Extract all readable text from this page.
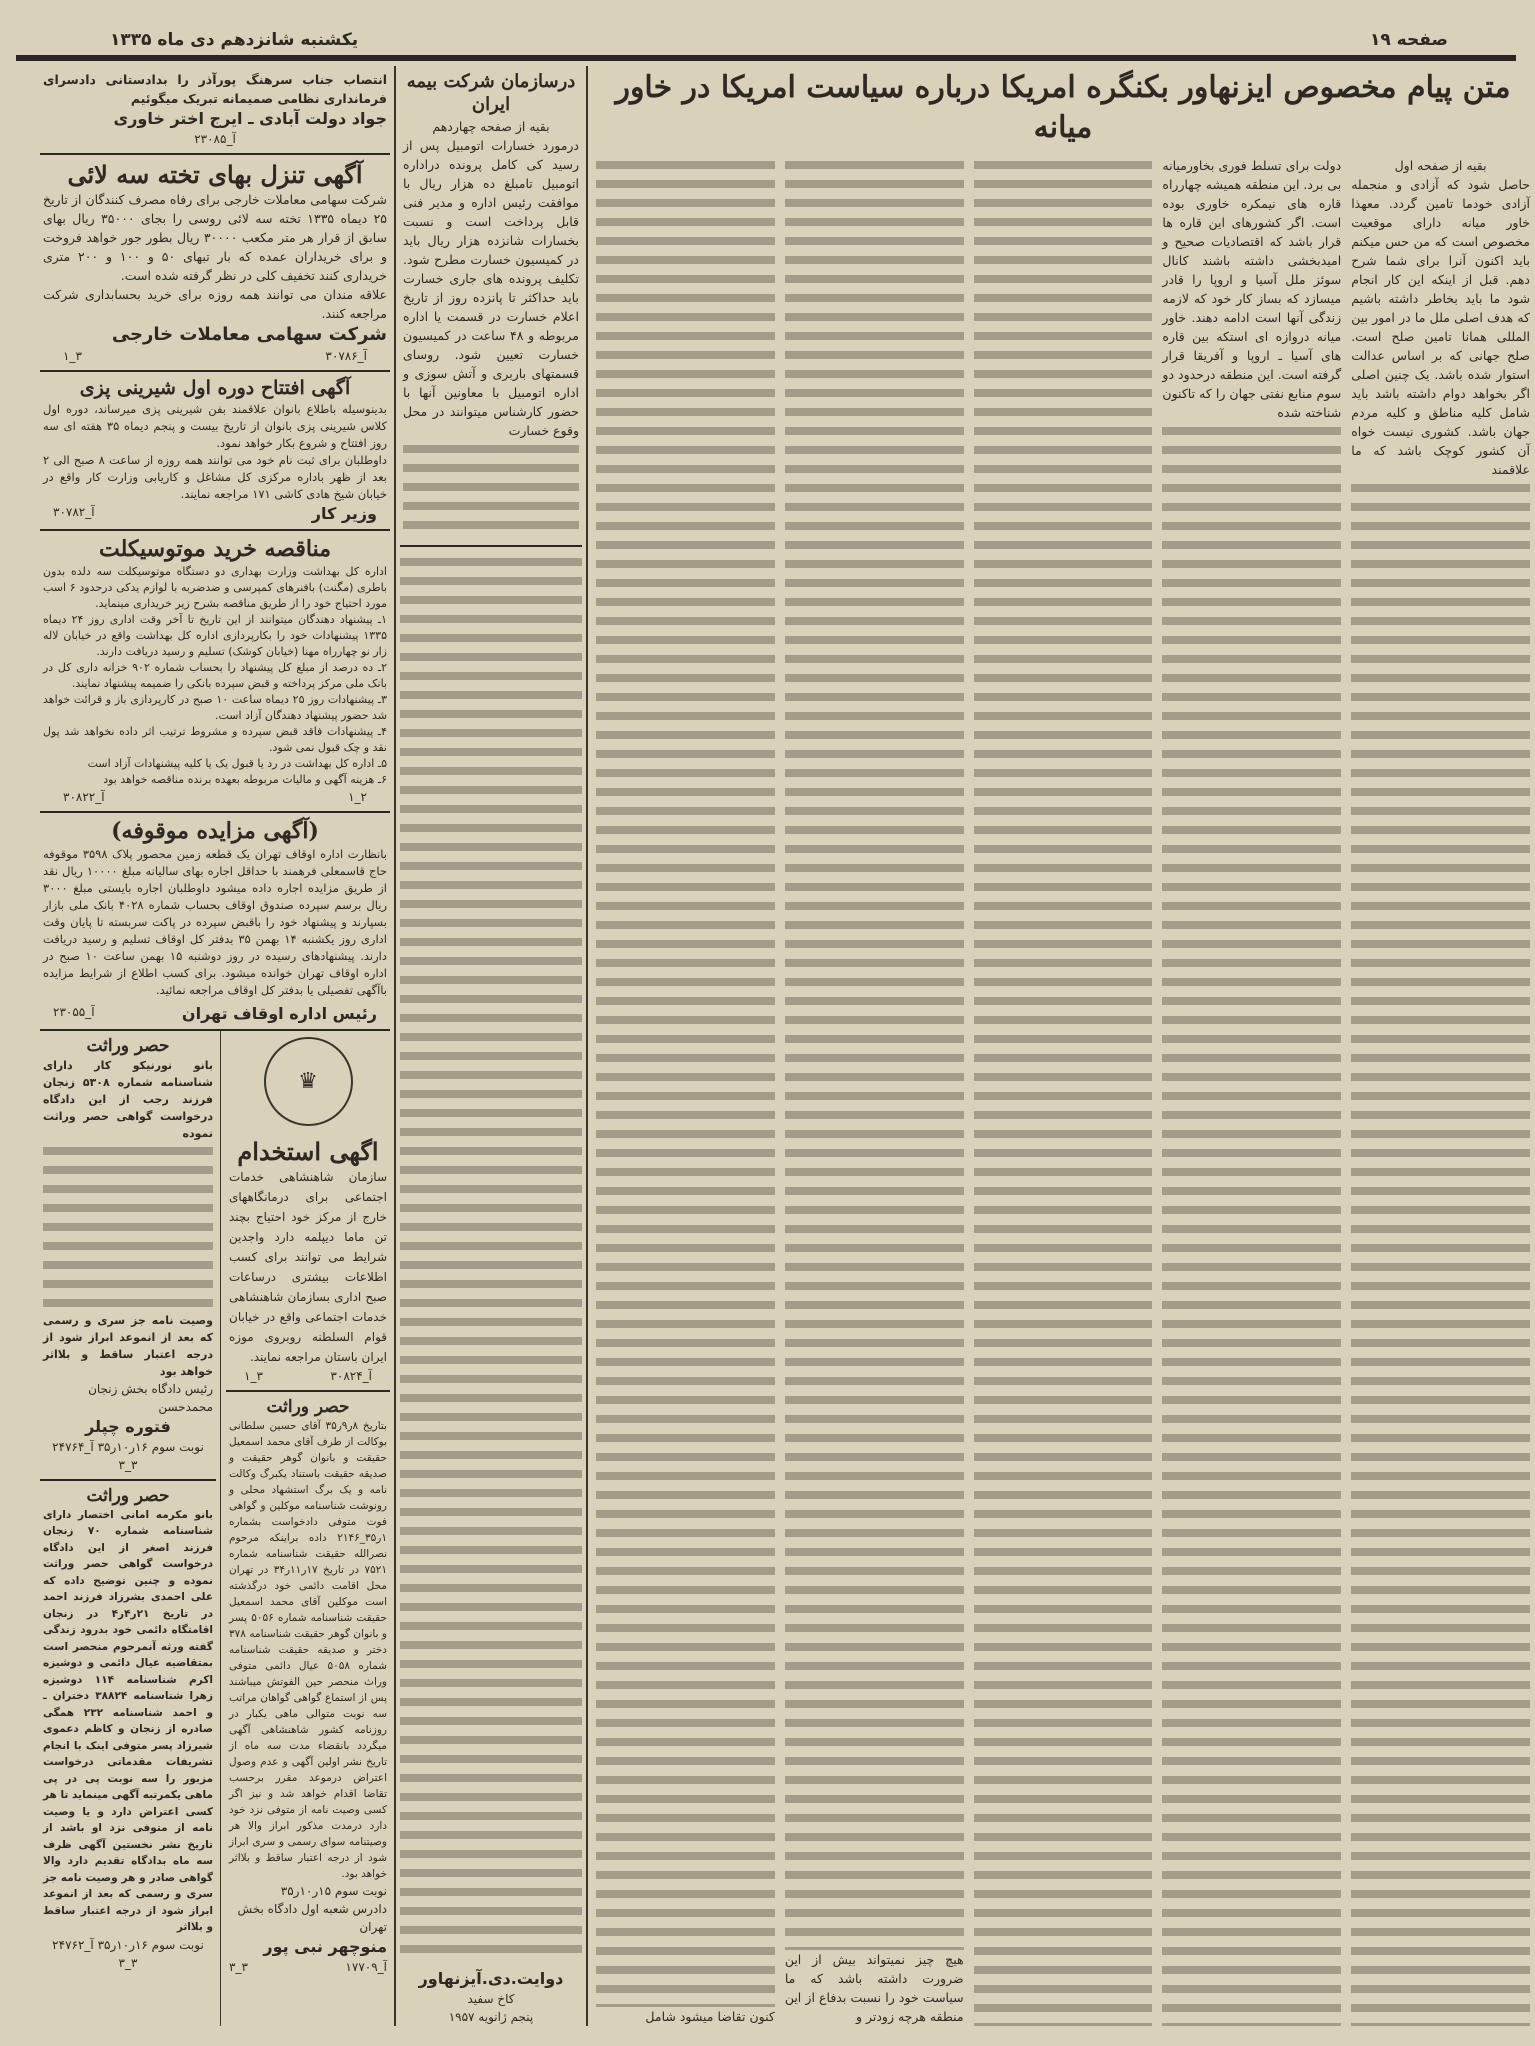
یکشنبه شانزدهم دی ماه ۱۳۳۵	صفحه ۱۹
انتصاب جناب سرهنگ پورآذر را بدادستانی دادسرای فرمانداری نظامی صمیمانه تبریک میگوئیم
جواد دولت آبادی ـ ایرج اختر خاوری
آ_۲۳۰۸۵
آگهی تنزل بهای تخته سه لائی
شرکت سهامی معاملات خارجی برای رفاه مصرف کنندگان از تاریخ ۲۵ دیماه ۱۳۳۵ تخته سه لائی روسی را بجای ۳۵۰۰۰ ریال بهای سابق از قرار هر متر مکعب ۳۰۰۰۰ ریال بطور جور خواهد فروخت و برای خریداران عمده که بار تبهای ۵۰ و ۱۰۰ و ۲۰۰ متری خریداری کنند تخفیف کلی در نظر گرفته شده است.
علاقه مندان می توانند همه روزه برای خرید بحسابداری شرکت مراجعه کنند.
شرکت سهامی معاملات خارجی
۳_۱	آ_۳۰۷۸۶
آگهی افتتاح دوره اول شیرینی پزی
بدینوسیله باطلاع بانوان علاقمند بفن شیرینی پزی میرساند، دوره اول کلاس شیرینی پزی بانوان از تاریخ بیست و پنجم دیماه ۳۵ هفته ای سه روز افتتاح و شروع بکار خواهد نمود.
داوطلبان برای ثبت نام خود می توانند همه روزه از ساعت ۸ صبح الی ۲ بعد از ظهر باداره مرکزی کل مشاغل و کاریابی وزارت کار واقع در خیابان شیخ هادی کاشی ۱۷۱ مراجعه نمایند.
آ_۳۰۷۸۲	وزیر کار
مناقصه خرید موتوسیکلت
اداره کل بهداشت وزارت بهداری دو دستگاه موتوسیکلت سه دلده بدون باطری (مگنت) بافنرهای کمپرسی و ضدضربه با لوازم یدکی درحدود ۶ اسب مورد احتیاج خود را از طریق مناقصه بشرح زیر خریداری مینماید.
۱ـ پیشنهاد دهندگان میتوانند از این تاریخ تا آخر وقت اداری روز ۲۴ دیماه ۱۳۳۵ پیشنهادات خود را بکارپردازی اداره کل بهداشت واقع در خیابان لاله زار نو چهارراه مهنا (خیابان کوشک) تسلیم و رسید دریافت دارند.
۲ـ ده درصد از مبلغ کل پیشنهاد را بحساب شماره ۹۰۲ خزانه داری کل در بانک ملی مرکز پرداخته و قبض سپرده بانکی را ضمیمه پیشنهاد نمایند.
۳ـ پیشنهادات روز ۲۵ دیماه ساعت ۱۰ صبح در کارپردازی باز و قرائت خواهد شد حضور پیشنهاد دهندگان آزاد است.
۴ـ پیشنهادات فاقد قبض سپرده و مشروط ترتیب اثر داده نخواهد شد پول نقد و چک قبول نمی شود.
۵ـ اداره کل بهداشت در رد یا قبول یک یا کلیه پیشنهادات آزاد است
۶ـ هزینه آگهی و مالیات مربوطه بعهده برنده مناقصه خواهد بود
آ_۳۰۸۲۲	۲_۱
(آگهی مزایده موقوفه)
بانظارت اداره اوقاف تهران یک قطعه زمین محصور پلاک ۳۵۹۸ موقوفه حاج قاسمعلی فرهمند با حداقل اجاره بهای سالیانه مبلغ ۱۰۰۰۰ ریال نقد از طریق مزایده اجاره داده میشود داوطلبان اجاره بایستی مبلغ ۳۰۰۰ ریال برسم سپرده صندوق اوقاف بحساب شماره ۴۰۲۸ بانک ملی بازار بسپارند و پیشنهاد خود را باقبض سپرده در پاکت سربسته تا پایان وقت اداری روز یکشنبه ۱۴ بهمن ۳۵ بدفتر کل اوقاف تسلیم و رسید دریافت دارند. پیشنهادهای رسیده در روز دوشنبه ۱۵ بهمن ساعت ۱۰ صبح در اداره اوقاف تهران خوانده میشود. برای کسب اطلاع از شرایط مزایده باآگهی تفصیلی یا بدفتر کل اوقاف مراجعه نمائید.
آ_۲۳۰۵۵	رئیس اداره اوقاف تهران
حصر وراثت
بانو نورنیکو کار دارای شناسنامه شماره ۵۳۰۸ زنجان فرزند رجب از این دادگاه درخواست گواهی حصر وراثت نموده
وصیت نامه جز سری و رسمی که بعد از انموعد ابراز شود از درجه اعتبار ساقط و بلااثر خواهد بود
رئیس دادگاه بخش زنجان محمدحسن
فتوره چپلر
نوبت سوم ۱۶ر۱۰ر۳۵ آ_۲۴۷۶۴
۳_۳
حصر وراثت
بانو مکرمه امانی اختصار دارای شناسنامه شماره ۷۰ زنجان فرزند اصغر از این دادگاه درخواست گواهی حصر وراثت نموده و چنین توضیح داده که علی احمدی بشرزاد فرزند احمد در تاریخ ۲۱ر۴ر۴ در زنجان اقامتگاه دائمی خود بدرود زندگی گفته ورثه آنمرحوم منحصر است بمتقاضیه عیال دائمی و دوشیزه اکرم شناسنامه ۱۱۴ دوشیزه زهرا شناسنامه ۳۸۸۲۴ دختران ـ و احمد شناسنامه ۲۳۲ همگی صادره از زنجان و کاظم دعموی شیرزاد پسر متوفی اینک با انجام تشریفات مقدماتی درخواست مزبور را سه نوبت پی در پی ماهی یکمرتبه آگهی مینماید تا هر کسی اعتراض دارد و یا وصیت نامه از متوفی نزد او باشد از تاریخ نشر نخستین آگهی ظرف سه ماه بدادگاه تقدیم دارد والا گواهی صادر و هر وصیت نامه جز سری و رسمی که بعد از انموعد ابراز شود از درجه اعتبار ساقط و بلااثر
نوبت سوم ۱۶ر۱۰ر۳۵ آ_۲۴۷۶۲
۳_۳
♛
اگهی استخدام
سازمان شاهنشاهی خدمات اجتماعی برای درمانگاههای خارج از مرکز خود احتیاج بچند تن ماما دیپلمه دارد واجدین شرایط می توانند برای کسب اطلاعات بیشتری درساعات صبح اداری بسازمان شاهنشاهی خدمات اجتماعی واقع در خیابان قوام السلطنه روبروی موزه ایران باستان مراجعه نمایند.
۳_۱	آ_۳۰۸۲۴
حصر وراثت
بتاریخ ۸ر۹ر۳۵ آقای حسین سلطانی بوکالت از طرف آقای محمد اسمعیل حقیقت و بانوان گوهر حقیقت و صدیقه حقیقت باستناد یکبرگ وکالت نامه و یک برگ استشهاد محلی و رونوشت شناسنامه موکلین و گواهی فوت متوفی دادخواست بشماره ۱ر۳۵_۲۱۴۶ داده براینکه مرحوم نصرالله حقیقت شناسنامه شماره ۷۵۲۱ در تاریخ ۱۷ر۱۱ر۳۴ در تهران محل اقامت دائمی خود درگذشته است موکلین آقای محمد اسمعیل حقیقت شناسنامه شماره ۵۰۵۶ پسر و بانوان گوهر حقیقت شناسنامه ۳۷۸ دختر و صدیقه حقیقت شناسنامه شماره ۵۰۵۸ عیال دائمی متوفی وراث منحصر حین الفوتش میباشند پس از استماع گواهی گواهان مراتب سه نوبت متوالی ماهی یکبار در روزنامه کشور شاهنشاهی آگهی میگردد بانقضاء مدت سه ماه از تاریخ نشر اولین آگهی و عدم وصول اعتراض درموعد مقرر برحسب تقاضا اقدام خواهد شد و نیز اگر کسی وصیت نامه از متوفی نزد خود دارد درمدت مذکور ابراز والا هر وصیتنامه سوای رسمی و سری ابراز شود از درجه اعتبار ساقط و بلااثر خواهد بود.
نوبت سوم ۱۵ر۱۰ر۳۵
دادرس شعبه اول دادگاه بخش تهران
منوچهر نبی پور
۳_۳	آ_۱۷۷۰۹
درسازمان شرکت بیمه ایران
بقیه از صفحه چهاردهم
درمورد خسارات اتومبیل پس از رسید کی کامل پرونده دراداره اتومبیل تامبلغ ده هزار ریال با موافقت رئیس اداره و مدیر فنی قابل پرداخت است و نسبت بخسارات شانزده هزار ریال باید در کمیسیون خسارت مطرح شود. تکلیف پرونده های جاری خسارت باید حداکثر تا پانزده روز از تاریخ اعلام خسارت در قسمت یا اداره مربوطه و ۴۸ ساعت در کمیسیون خسارت تعیین شود. روسای قسمتهای باربری و آتش سوزی و اداره اتومبیل با معاونین آنها با حضور کارشناس میتوانند در محل وقوع خسارت
دوایت.دی.آیزنهاور
کاخ سفید
پنجم ژانویه ۱۹۵۷
متن پیام مخصوص ایزنهاور بکنگره امریکا درباره سیاست امریکا در خاور میانه
بقیه از صفحه اول
حاصل شود که آزادی و منجمله آزادی خودما تامین گردد. معهذا خاور میانه دارای موقعیت مخصوص است که من حس میکنم باید اکنون آنرا برای شما شرح دهم. قبل از اینکه این کار انجام شود ما باید بخاطر داشته باشیم که هدف اصلی ملل ما در امور بین المللی همانا تامین صلح است. صلح جهانی که بر اساس عدالت استوار شده باشد. یک چنین اصلی اگر بخواهد دوام داشته باشد باید شامل کلیه مناطق و کلیه مردم جهان باشد. کشوری نیست خواه آن کشور کوچک باشد که ما علاقمند
دولت برای تسلط فوری بخاورمیانه بی برد. این منطقه همیشه چهارراه قاره های نیمکره خاوری بوده است. اگر کشورهای این قاره ها قرار باشد که اقتصادیات صحیح و امیدبخشی داشته باشند کانال سوئز ملل آسیا و اروپا را قادر میسازد که بساز کار خود که لازمه زندگی آنها است ادامه دهند. خاور میانه دروازه ای استکه بین قاره های آسیا ـ اروپا و آفریقا قرار گرفته است. این منطقه درحدود دو سوم منابع نفتی جهان را که تاکنون شناخته شده
هیچ چیز نمیتواند بیش از این ضرورت داشته باشد که ما سیاست خود را نسبت بدفاع از این منطقه هرچه زودتر و
کنون تقاضا میشود شامل
